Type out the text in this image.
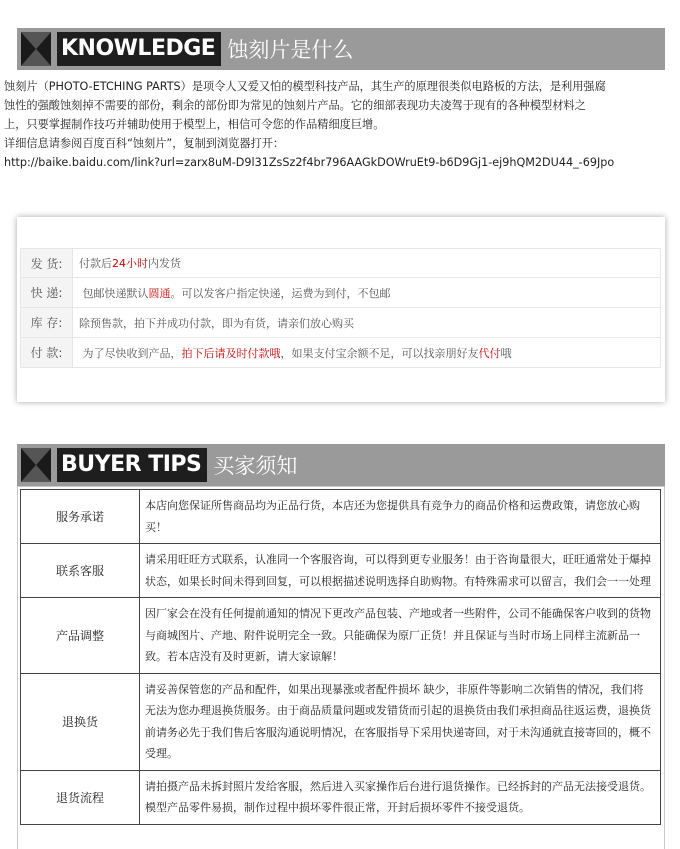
KNOWLEDGE 蚀刻片是什么

蚀刻片（PHOTO-ETCHING PARTS）是项令人又爱又怕的模型科技产品，其生产的原理很类似电路板的方法，是利用强腐

蚀性的强酸蚀刻掉不需要的部份，剩余的部份即为常见的蚀刻片产品。它的细部表现功夫凌驾于现有的各种模型材料之

上，只要掌握制作技巧并辅助使用于模型上，相信可令您的作品精细度巨增。

详细信息请参阅百度百科“蚀刻片”，复制到浏览器打开：

http://baike.baidu.com/link?url=zarx8uM-D9l31ZsSz2f4br796AAGkDOWruEt9-b6D9Gj1-ej9hQM2DU44_-69Jpo

发 货:	付款后 24小时 内发货
快 递:	包邮快递默认 圆通 。可以发客户指定快递，运费为到付，不包邮
库 存:	除预售款，拍下并成功付款，即为有货，请亲们放心购买
付 款:	为了尽快收到产品， 拍下后请及时付款哦 ，如果支付宝余额不足，可以找亲朋好友 代付 哦
BUYER TIPS 买家须知
服务承诺	本店向您保证所售商品均为正品行货，本店还为您提供具有竞争力的商品价格和运费政策，请您放心购买！
联系客服	请采用旺旺方式联系，认准同一个客服咨询，可以得到更专业服务！由于咨询量很大，旺旺通常处于爆掉状态，如果长时间未得到回复，可以根据描述说明选择自助购物。有特殊需求可以留言，我们会一一处理
产品调整	因厂家会在没有任何提前通知的情况下更改产品包装、产地或者一些附件，公司不能确保客户收到的货物与商城图片、产地、附件说明完全一致。只能确保为原厂正货！并且保证与当时市场上同样主流新品一致。若本店没有及时更新，请大家谅解！
退换货	请妥善保管您的产品和配件，如果出现暴涨或者配件损坏 缺少，非原件等影响二次销售的情况，我们将无法为您办理退换货服务。由于商品质量问题或发错货而引起的退换货由我们承担商品往返运费，退换货前请务必先于我们售后客服沟通说明情况，在客服指导下采用快递寄回，对于未沟通就直接寄回的，概不受理。
退货流程	请拍摄产品未拆封照片发给客服，然后进入买家操作后台进行退货操作。已经拆封的产品无法接受退货。模型产品零件易损，制作过程中损坏零件很正常，开封后损坏零件不接受退货。
